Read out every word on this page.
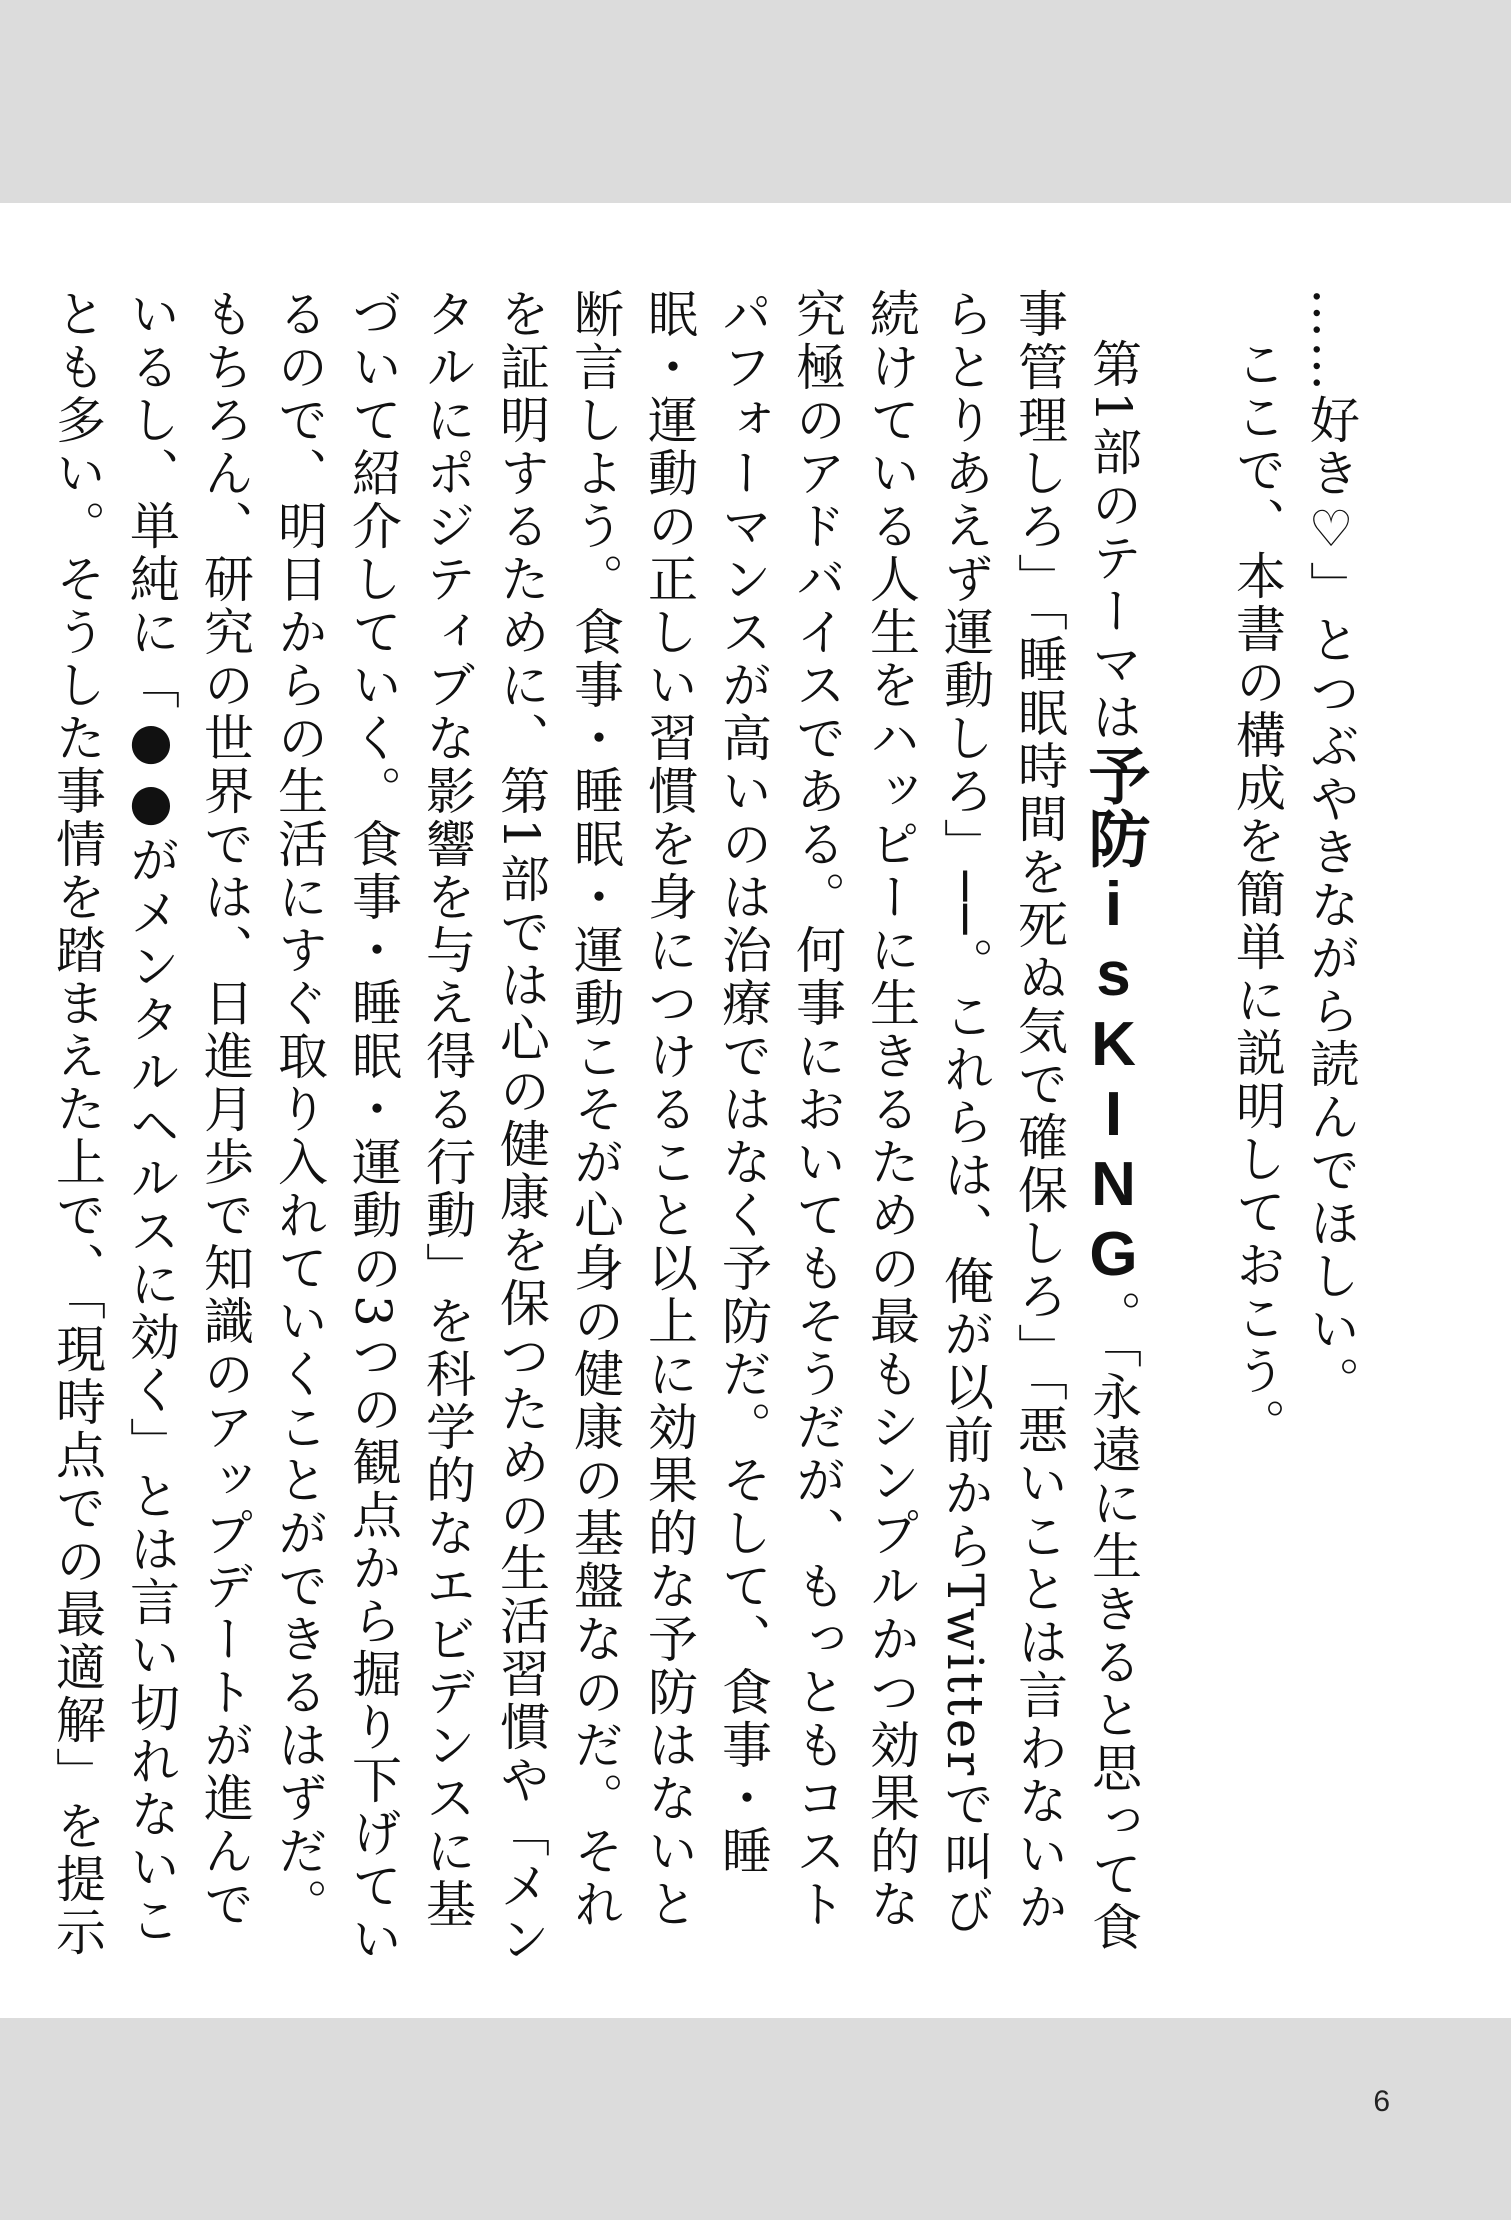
……好き♡」とつぶやきながら読んでほしい。

ここで、本書の構成を簡単に説明しておこう。

第1部のテーマは予防isKING。「永遠に生きると思って食事管理しろ」「睡眠時間を死ぬ気で確保しろ」「悪いことは言わないからとりあえず運動しろ」──。これらは、俺が以前からTwitterで叫び続けている人生をハッピーに生きるための最もシンプルかつ効果的な究極のアドバイスである。何事においてもそうだが、もっともコストパフォーマンスが高いのは治療ではなく予防だ。そして、食事・睡眠・運動の正しい習慣を身につけること以上に効果的な予防はないと断言しよう。食事・睡眠・運動こそが心身の健康の基盤なのだ。それを証明するために、第1部では心の健康を保つための生活習慣や「メンタルにポジティブな影響を与え得る行動」を科学的なエビデンスに基づいて紹介していく。食事・睡眠・運動の3つの観点から掘り下げているので、明日からの生活にすぐ取り入れていくことができるはずだ。もちろん、研究の世界では、日進月歩で知識のアップデートが進んでいるし、単純に「●●がメンタルヘルスに効く」とは言い切れないことも多い。そうした事情を踏まえた上で、「現時点での最適解」を提示

6
